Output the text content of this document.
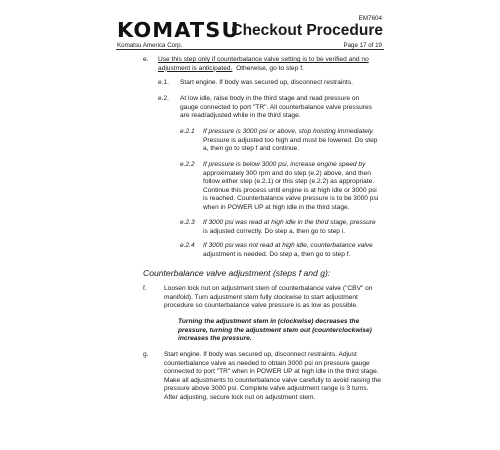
KOMATSU
Komatsu America Corp.
EM7604
Checkout Procedure
Page 17 of 19
e. Use this step only if counterbalance valve setting is to be verified and no
adjustment is anticipated.  Otherwise, go to step f.
e.1. Start engine. If body was secured up, disconnect restraints.
e.2. At low idle, raise body in the third stage and read pressure on
gauge connected to port "TR". All counterbalance valve pressures
are read/adjusted while in the third stage.
e.2.1 If pressure is 3000 psi or above, stop hoisting immediately.
Pressure is adjusted too high and must be lowered. Do step
a, then go to step f and continue.
e.2.2 If pressure is below 3000 psi, increase engine speed by
approximately 300 rpm and do step (e.2) above, and then
follow either step (e.2.1) or this step (e.2.2) as appropriate.
Continue this process until engine is at high idle or 3000 psi
is reached. Counterbalance valve pressure is to be 3000 psi
when in POWER UP at high idle in the third stage.
e.2.3 If 3000 psi was read at high idle in the third stage, pressure
is adjusted correctly. Do step a, then go to step i.
e.2.4 If 3000 psi was not read at high idle, counterbalance valve
adjustment is needed. Do step a, then go to step f.
Counterbalance valve adjustment (steps f and g):
f.	Loosen lock nut on adjustment stem of counterbalance valve ("CBV" on
manifold). Turn adjustment stem fully clockwise to start adjustment
procedure so counterbalance valve pressure is as low as possible.
Turning the adjustment stem in (clockwise) decreases the
pressure, turning the adjustment stem out (counterclockwise)
increases the pressure.
g. Start engine. If body was secured up, disconnect restraints. Adjust
counterbalance valve as needed to obtain 3000 psi on pressure gauge
connected to port "TR" when in POWER UP at high idle in the third stage.
Make all adjustments to counterbalance valve carefully to avoid raising the
pressure above 3000 psi. Complete valve adjustment range is 3 turns.
After adjusting, secure lock nut on adjustment stem.
